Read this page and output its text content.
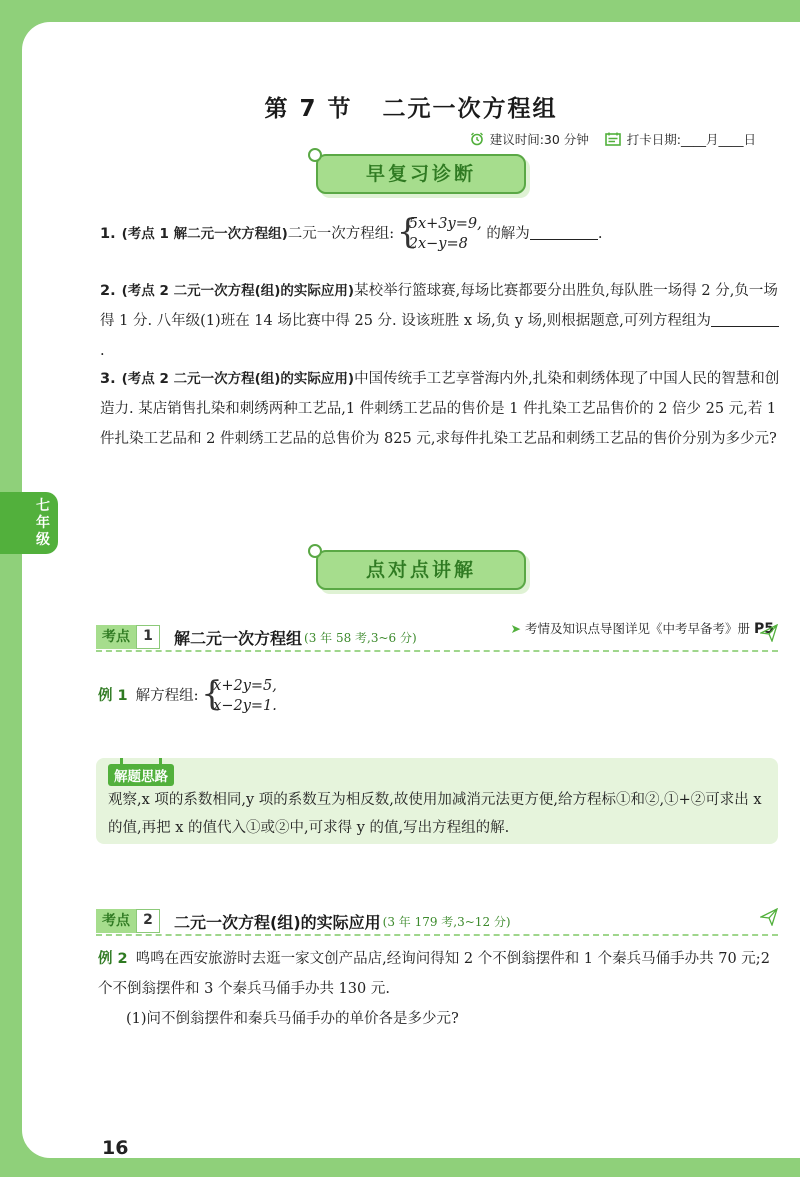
第 7 节 二元一次方程组
建议时间:30 分钟	打卡日期:____月____日
早复习诊断
1. (考点 1 解二元一次方程组)二元一次方程组: {
5x+3y=9,
2x−y=8 的解为	.
2. (考点 2 二元一次方程(组)的实际应用)某校举行篮球赛,每场比赛都要分出胜负,每队胜一场得 2 分,负一场得 1 分. 八年级(1)班在 14 场比赛中得 25 分. 设该班胜 x 场,负 y 场,则根据题意,可列方程组为.
3. (考点 2 二元一次方程(组)的实际应用)中国传统手工艺享誉海内外,扎染和刺绣体现了中国人民的智慧和创造力. 某店销售扎染和刺绣两种工艺品,1 件刺绣工艺品的售价是 1 件扎染工艺品售价的 2 倍少 25 元,若 1 件扎染工艺品和 2 件刺绣工艺品的总售价为 825 元,求每件扎染工艺品和刺绣工艺品的售价分别为多少元?
点对点讲解
➤ 考情及知识点导图详见《中考早备考》册 P5
考点 1	解二元一次方程组 (3 年 58 考,3~6 分)
例 1 解方程组: {
x+2y=5,
x−2y=1.
解题思路

观察,x 项的系数相同,y 项的系数互为相反数,故使用加减消元法更方便,给方程标①和②,①+②可求出 x 的值,再把 x 的值代入①或②中,可求得 y 的值,写出方程组的解.

考点 2	二元一次方程(组)的实际应用 (3 年 179 考,3~12 分)
例 2 鸣鸣在西安旅游时去逛一家文创产品店,经询问得知 2 个不倒翁摆件和 1 个秦兵马俑手办共 70 元;2 个不倒翁摆件和 3 个秦兵马俑手办共 130 元.
(1)问不倒翁摆件和秦兵马俑手办的单价各是多少元?
16
七
年
级
